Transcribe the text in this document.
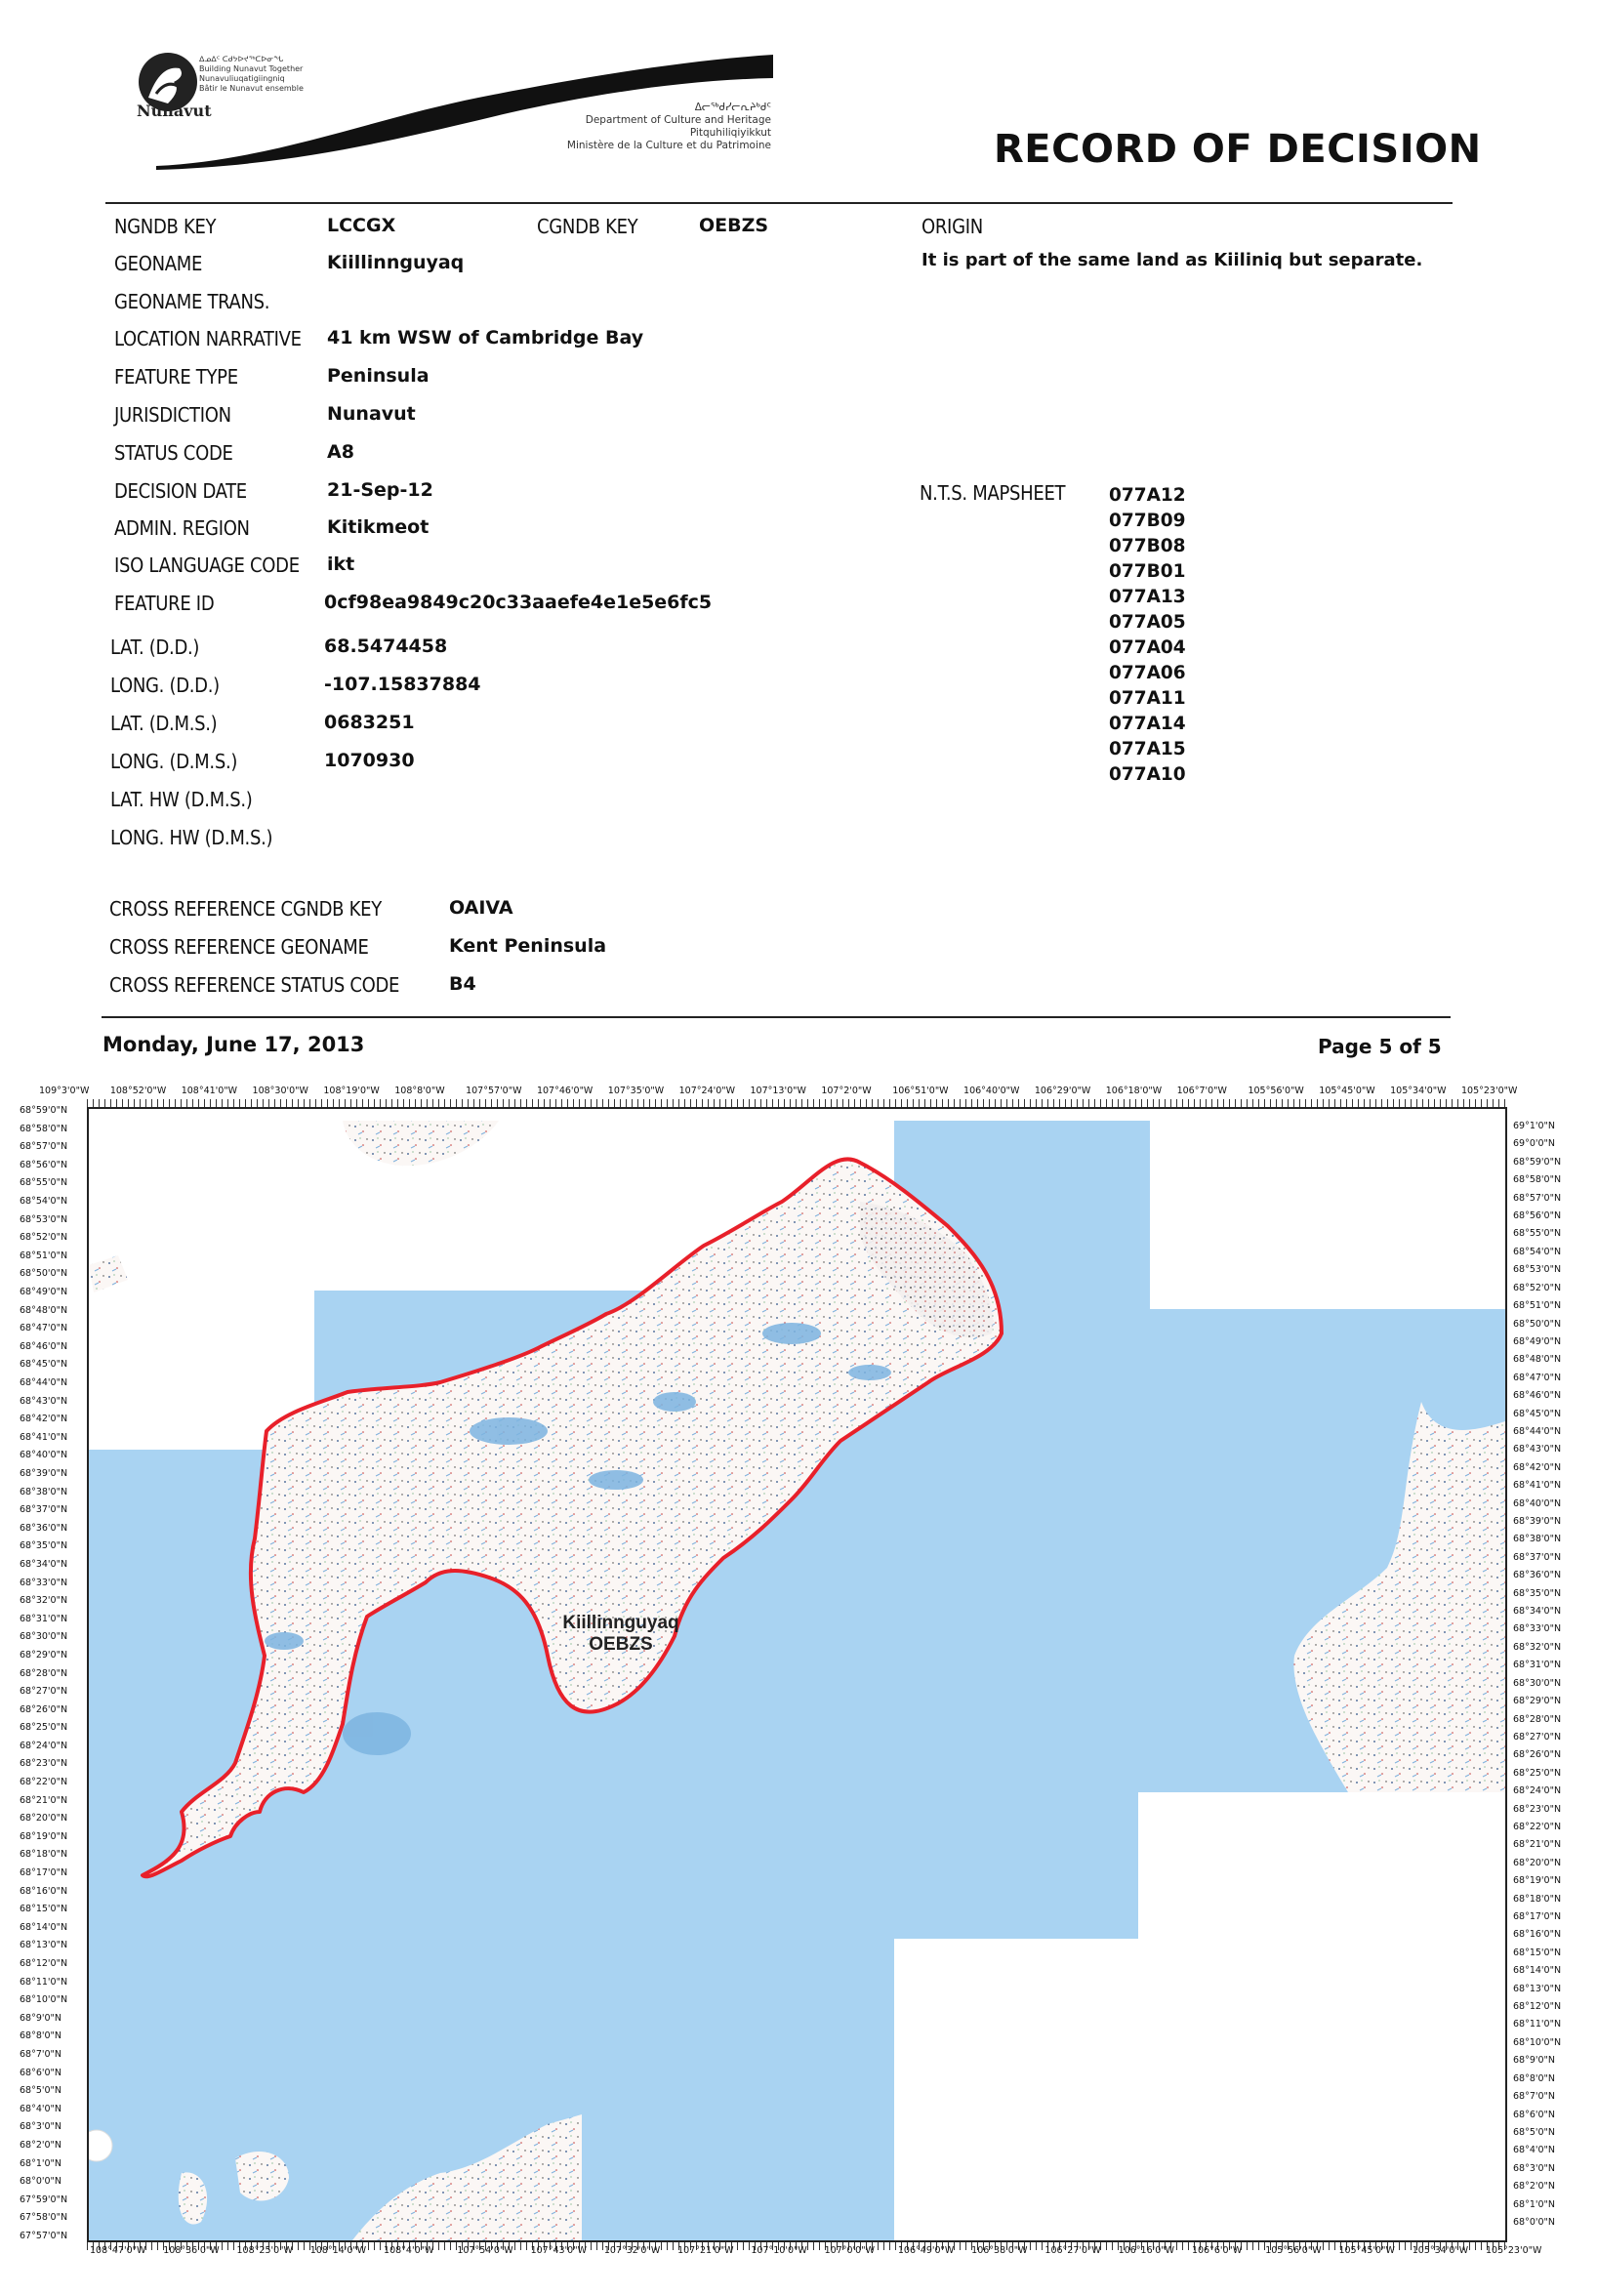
Nunavut
ᐃᓄᐃᑦ ᑕᑯᔭᐅᔪᖅᑕᐅᓂᖓ
Building Nunavut Together
Nunavuliuqatigiingniq
Bâtir le Nunavut ensemble
ᐃᓕᖅᑯᓯᓕᕆᔨᒃᑯᑦ
Department of Culture and Heritage
Pitquhiliqiyikkut
Ministère de la Culture et du Patrimoine	RECORD OF DECISION
NGNDB KEY	LCCGX	CGNDB KEY	OEBZS	ORIGIN
It is part of the same land as Kiiliniq but separate.
GEONAME	Kiillinnguyaq
GEONAME TRANS.
LOCATION NARRATIVE 41 km WSW of Cambridge Bay
FEATURE TYPE	Peninsula
JURISDICTION	Nunavut
STATUS CODE	A8
DECISION DATE	21-Sep-12
ADMIN. REGION	Kitikmeot
ISO LANGUAGE CODE ikt
FEATURE ID	0cf98ea9849c20c33aaefe4e1e5e6fc5
LAT. (D.D.)	68.5474458
LONG. (D.D.)	-107.15837884
LAT. (D.M.S.)	0683251
LONG. (D.M.S.)	1070930
LAT. HW (D.M.S.)
LONG. HW (D.M.S.)
N.T.S. MAPSHEET 077A12
077B09
077B08
077B01
077A13
077A05
077A04
077A06
077A11
077A14
077A15
077A10
CROSS REFERENCE CGNDB KEY	OAIVA
CROSS REFERENCE GEONAME	Kent Peninsula
CROSS REFERENCE STATUS CODE	B4
Monday, June 17, 2013	Page 5 of 5
109°3'0"W 108°52'0"W 108°41'0"W 108°30'0"W 108°19'0"W 108°8'0"W 107°57'0"W 107°46'0"W 107°35'0"W 107°24'0"W 107°13'0"W 107°2'0"W 106°51'0"W 106°40'0"W 106°29'0"W 106°18'0"W 106°7'0"W 105°56'0"W 105°45'0"W 105°34'0"W 105°23'0"W
108°47'0"W 108°36'0"W 108°25'0"W 108°14'0"W 108°4'0"W	107°54'0"W 107°43'0"W 107°32'0"W 107°21'0"W 107°10'0"W 107°0'0"W	106°49'0"W 106°38'0"W 106°27'0"W 106°16'0"W 106°6'0"W	105°56'0"W 105°45'0"W 105°34'0"W 105°23'0"W
68°59'0"N
68°58'0"N
68°57'0"N
68°56'0"N
68°55'0"N
68°54'0"N
68°53'0"N
68°52'0"N
68°51'0"N
68°50'0"N
68°49'0"N
68°48'0"N
68°47'0"N
68°46'0"N
68°45'0"N
68°44'0"N
68°43'0"N
68°42'0"N
68°41'0"N
68°40'0"N
68°39'0"N
68°38'0"N
68°37'0"N
68°36'0"N
68°35'0"N
68°34'0"N
68°33'0"N
68°32'0"N
68°31'0"N
68°30'0"N
68°29'0"N
68°28'0"N
68°27'0"N
68°26'0"N
68°25'0"N
68°24'0"N
68°23'0"N
68°22'0"N
68°21'0"N
68°20'0"N
68°19'0"N
68°18'0"N
68°17'0"N
68°16'0"N
68°15'0"N
68°14'0"N
68°13'0"N
68°12'0"N
68°11'0"N
68°10'0"N
68°9'0"N
68°8'0"N
68°7'0"N
68°6'0"N
68°5'0"N
68°4'0"N
68°3'0"N
68°2'0"N
68°1'0"N
68°0'0"N
67°59'0"N
67°58'0"N
67°57'0"N
69°1'0"N
69°0'0"N
68°59'0"N
68°58'0"N
68°57'0"N
68°56'0"N
68°55'0"N
68°54'0"N
68°53'0"N
68°52'0"N
68°51'0"N
68°50'0"N
68°49'0"N
68°48'0"N
68°47'0"N
68°46'0"N
68°45'0"N
68°44'0"N
68°43'0"N
68°42'0"N
68°41'0"N
68°40'0"N
68°39'0"N
68°38'0"N
68°37'0"N
68°36'0"N
68°35'0"N
68°34'0"N
68°33'0"N
68°32'0"N
68°31'0"N
68°30'0"N
68°29'0"N
68°28'0"N
68°27'0"N
68°26'0"N
68°25'0"N
68°24'0"N
68°23'0"N
68°22'0"N
68°21'0"N
68°20'0"N
68°19'0"N
68°18'0"N
68°17'0"N
68°16'0"N
68°15'0"N
68°14'0"N
68°13'0"N
68°12'0"N
68°11'0"N
68°10'0"N
68°9'0"N
68°8'0"N
68°7'0"N
68°6'0"N
68°5'0"N
68°4'0"N
68°3'0"N
68°2'0"N
68°1'0"N
68°0'0"N
Kiillinnguyaq
OEBZS
